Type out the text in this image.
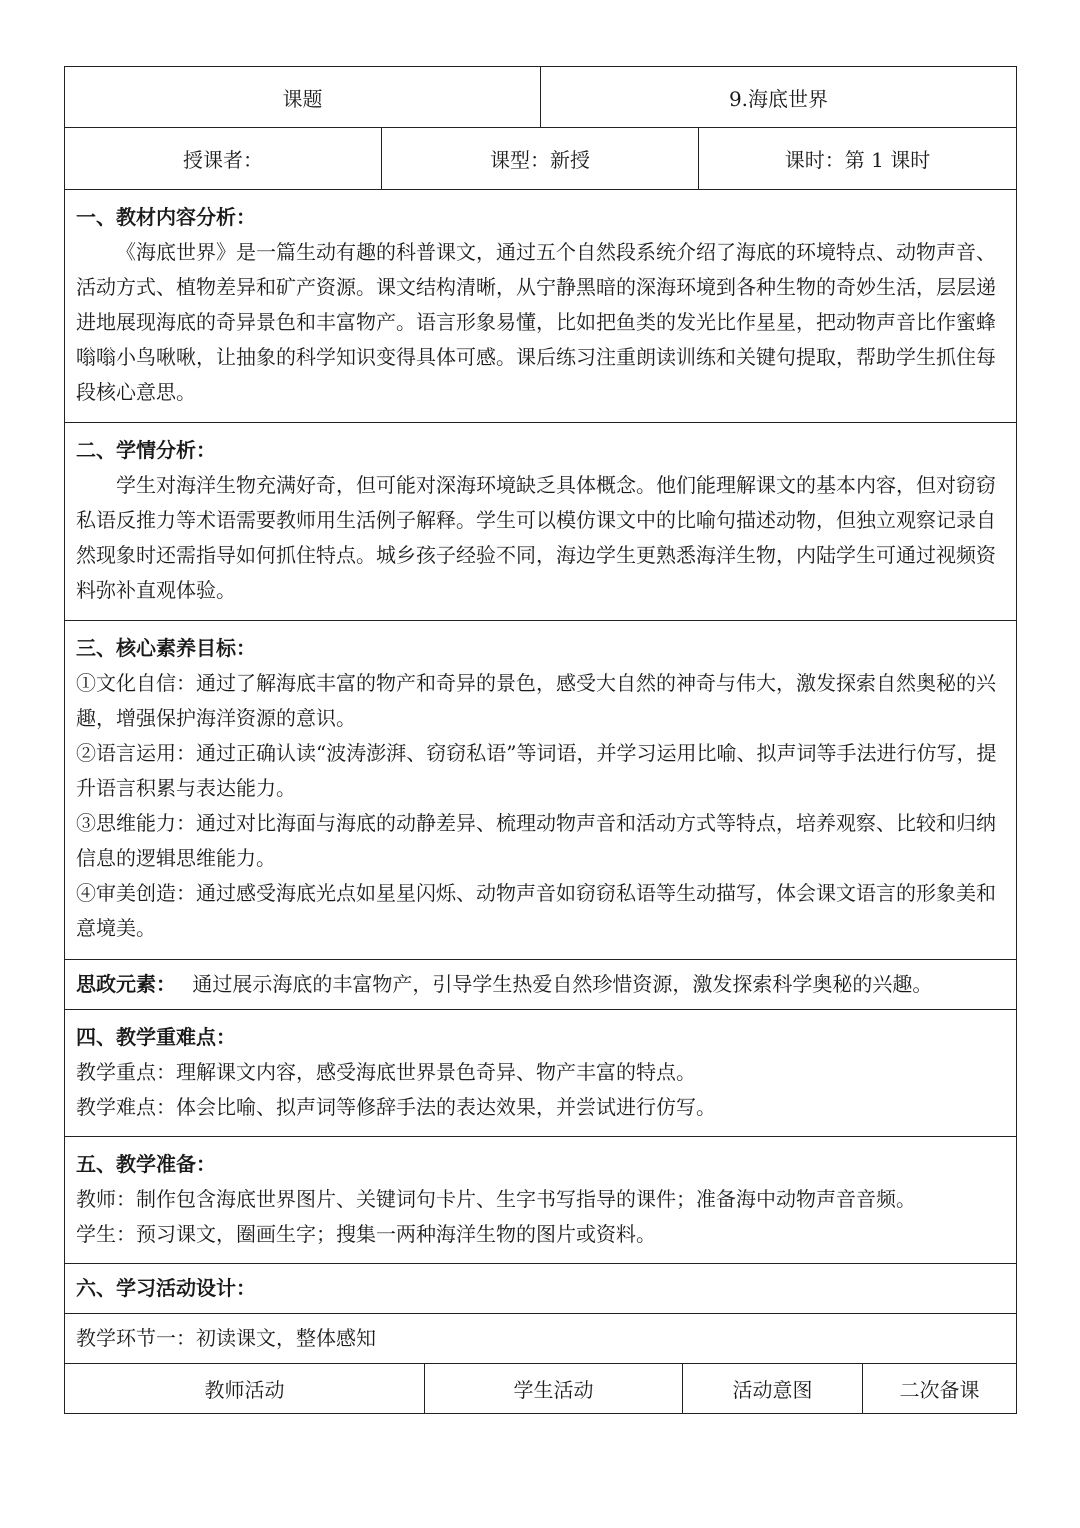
课题	9.海底世界
授课者：	课型：新授	课时：第 1 课时

一、教材内容分析：

《海底世界》是一篇生动有趣的科普课文，通过五个自然段系统介绍了海底的环境特点、动物声音、活动方式、植物差异和矿产资源。课文结构清晰，从宁静黑暗的深海环境到各种生物的奇妙生活，层层递进地展现海底的奇异景色和丰富物产。语言形象易懂，比如把鱼类的发光比作星星，把动物声音比作蜜蜂嗡嗡小鸟啾啾，让抽象的科学知识变得具体可感。课后练习注重朗读训练和关键句提取，帮助学生抓住每段核心意思。

二、学情分析：

学生对海洋生物充满好奇，但可能对深海环境缺乏具体概念。他们能理解课文的基本内容，但对窃窃私语反推力等术语需要教师用生活例子解释。学生可以模仿课文中的比喻句描述动物，但独立观察记录自然现象时还需指导如何抓住特点。城乡孩子经验不同，海边学生更熟悉海洋生物，内陆学生可通过视频资料弥补直观体验。

三、核心素养目标：

①文化自信：通过了解海底丰富的物产和奇异的景色，感受大自然的神奇与伟大，激发探索自然奥秘的兴趣，增强保护海洋资源的意识。

②语言运用：通过正确认读“波涛澎湃、窃窃私语”等词语，并学习运用比喻、拟声词等手法进行仿写，提升语言积累与表达能力。

③思维能力：通过对比海面与海底的动静差异、梳理动物声音和活动方式等特点，培养观察、比较和归纳信息的逻辑思维能力。

④审美创造：通过感受海底光点如星星闪烁、动物声音如窃窃私语等生动描写，体会课文语言的形象美和意境美。

思政元素： 通过展示海底的丰富物产，引导学生热爱自然珍惜资源，激发探索科学奥秘的兴趣。

四、教学重难点：

教学重点：理解课文内容，感受海底世界景色奇异、物产丰富的特点。

教学难点：体会比喻、拟声词等修辞手法的表达效果，并尝试进行仿写。

五、教学准备：

教师：制作包含海底世界图片、关键词句卡片、生字书写指导的课件；准备海中动物声音音频。

学生：预习课文，圈画生字；搜集一两种海洋生物的图片或资料。

六、学习活动设计：

教学环节一：初读课文，整体感知

教师活动	学生活动	活动意图	二次备课
